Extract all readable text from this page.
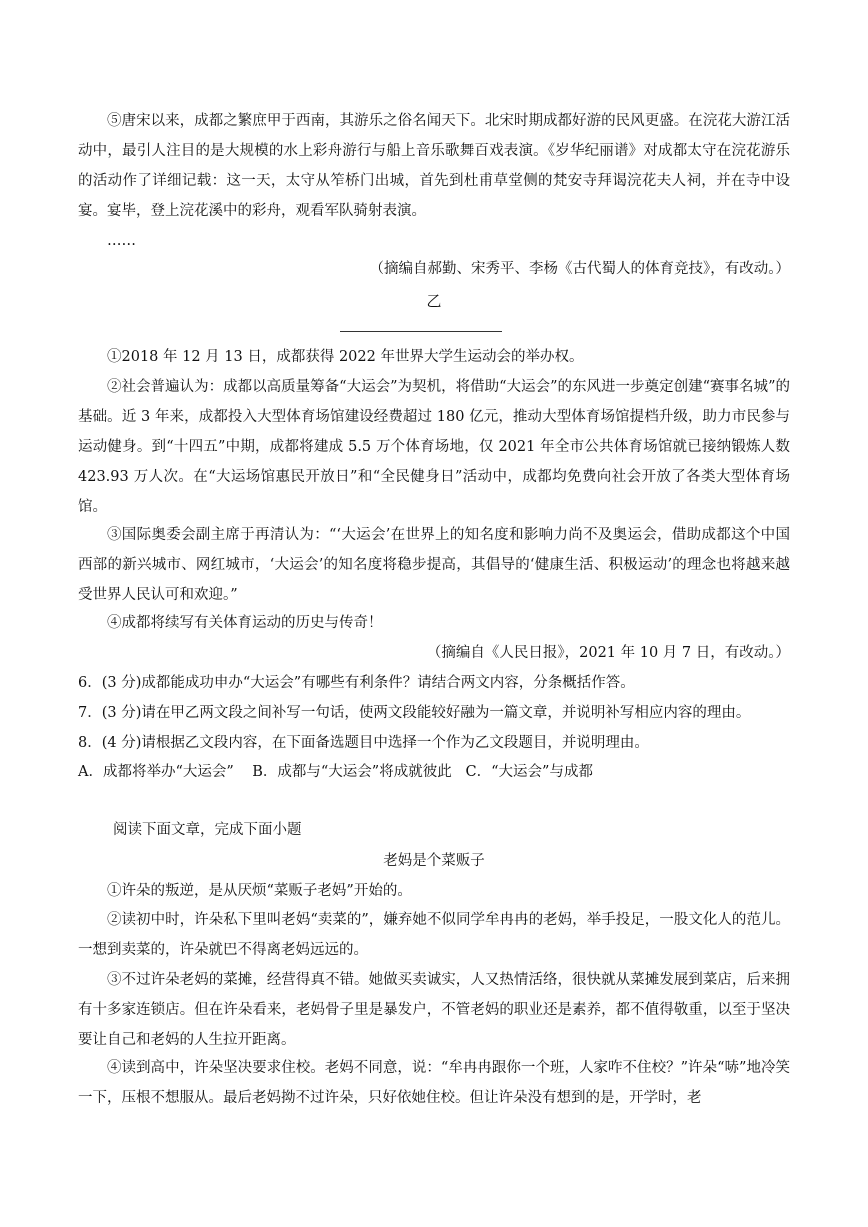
⑤唐宋以来，成都之繁庶甲于西南，其游乐之俗名闻天下。北宋时期成都好游的民风更盛。在浣花大游江活动中，最引人注目的是大规模的水上彩舟游行与船上音乐歌舞百戏表演。《岁华纪丽谱》对成都太守在浣花游乐的活动作了详细记载：这一天，太守从笮桥门出城，首先到杜甫草堂侧的梵安寺拜谒浣花夫人祠，并在寺中设宴。宴毕，登上浣花溪中的彩舟，观看军队骑射表演。

……

（摘编自郝勤、宋秀平、李杨《古代蜀人的体育竞技》，有改动。）

乙

①2018 年 12 月 13 日，成都获得 2022 年世界大学生运动会的举办权。

②社会普遍认为：成都以高质量筹备“大运会”为契机，将借助“大运会”的东风进一步奠定创建“赛事名城”的基础。近 3 年来，成都投入大型体育场馆建设经费超过 180 亿元，推动大型体育场馆提档升级，助力市民参与运动健身。到“十四五”中期，成都将建成 5.5 万个体育场地，仅 2021 年全市公共体育场馆就已接纳锻炼人数 423.93 万人次。在“大运场馆惠民开放日”和“全民健身日”活动中，成都均免费向社会开放了各类大型体育场馆。

③国际奥委会副主席于再清认为：“‘大运会’在世界上的知名度和影响力尚不及奥运会，借助成都这个中国西部的新兴城市、网红城市，‘大运会’的知名度将稳步提高，其倡导的‘健康生活、积极运动’的理念也将越来越受世界人民认可和欢迎。”

④成都将续写有关体育运动的历史与传奇！

（摘编自《人民日报》，2021 年 10 月 7 日，有改动。）

6．(3 分)成都能成功申办“大运会”有哪些有利条件？请结合两文内容，分条概括作答。

7．(3 分)请在甲乙两文段之间补写一句话，使两文段能较好融为一篇文章，并说明补写相应内容的理由。

8．(4 分)请根据乙文段内容，在下面备选题目中选择一个作为乙文段题目，并说明理由。

A．成都将举办“大运会”    B．成都与“大运会”将成就彼此   C．“大运会”与成都

阅读下面文章，完成下面小题

老妈是个菜贩子

①许朵的叛逆，是从厌烦“菜贩子老妈”开始的。

②读初中时，许朵私下里叫老妈“卖菜的”，嫌弃她不似同学牟冉冉的老妈，举手投足，一股文化人的范儿。一想到卖菜的，许朵就巴不得离老妈远远的。

③不过许朵老妈的菜摊，经营得真不错。她做买卖诚实，人又热情活络，很快就从菜摊发展到菜店，后来拥有十多家连锁店。但在许朵看来，老妈骨子里是暴发户，不管老妈的职业还是素养，都不值得敬重，以至于坚决要让自己和老妈的人生拉开距离。

④读到高中，许朵坚决要求住校。老妈不同意，说：“牟冉冉跟你一个班，人家咋不住校？”许朵“哧”地冷笑一下，压根不想服从。最后老妈拗不过许朵，只好依她住校。但让许朵没有想到的是，开学时，老
